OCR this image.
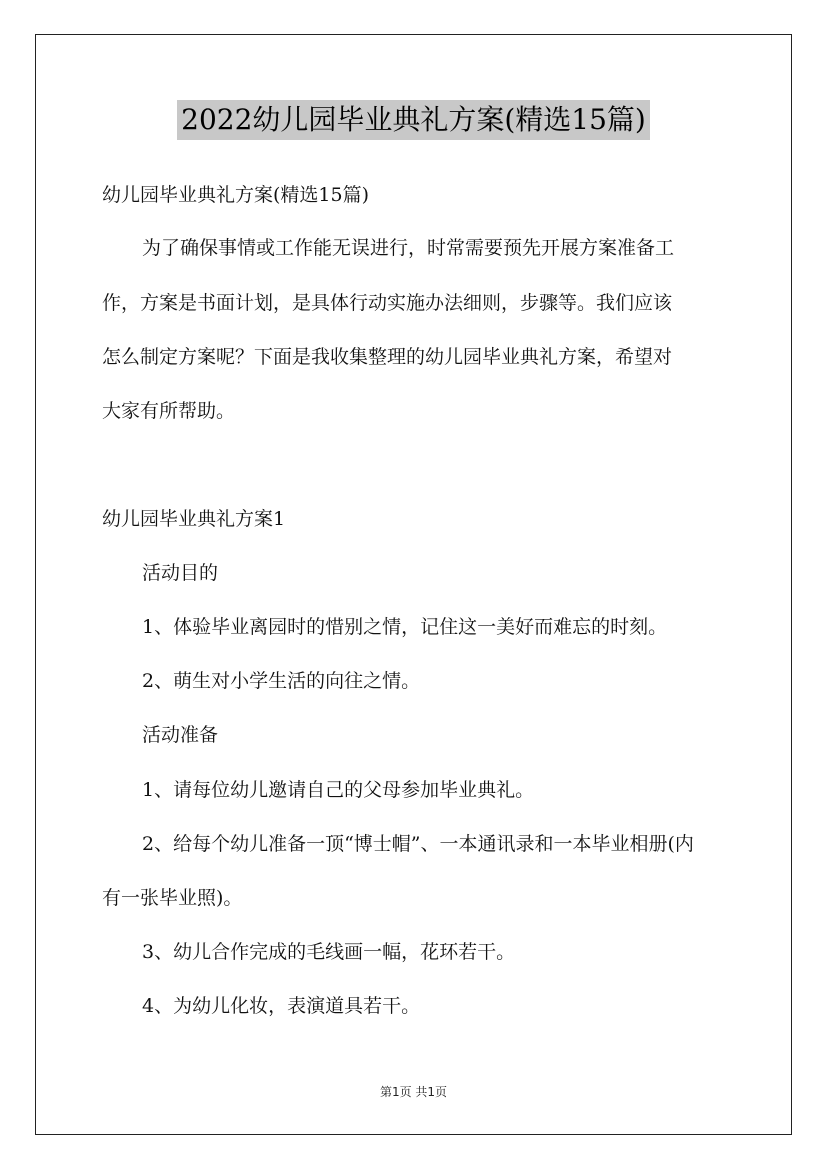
2022幼儿园毕业典礼方案(精选15篇)
幼儿园毕业典礼方案(精选15篇)
为了确保事情或工作能无误进行，时常需要预先开展方案准备工
作，方案是书面计划，是具体行动实施办法细则，步骤等。我们应该
怎么制定方案呢？下面是我收集整理的幼儿园毕业典礼方案，希望对
大家有所帮助。
幼儿园毕业典礼方案1
活动目的
1、体验毕业离园时的惜别之情，记住这一美好而难忘的时刻。
2、萌生对小学生活的向往之情。
活动准备
1、请每位幼儿邀请自己的父母参加毕业典礼。
2、给每个幼儿准备一顶“博士帽”、一本通讯录和一本毕业相册(内
有一张毕业照)。
3、幼儿合作完成的毛线画一幅，花环若干。
4、为幼儿化妆，表演道具若干。
第1页 共1页
